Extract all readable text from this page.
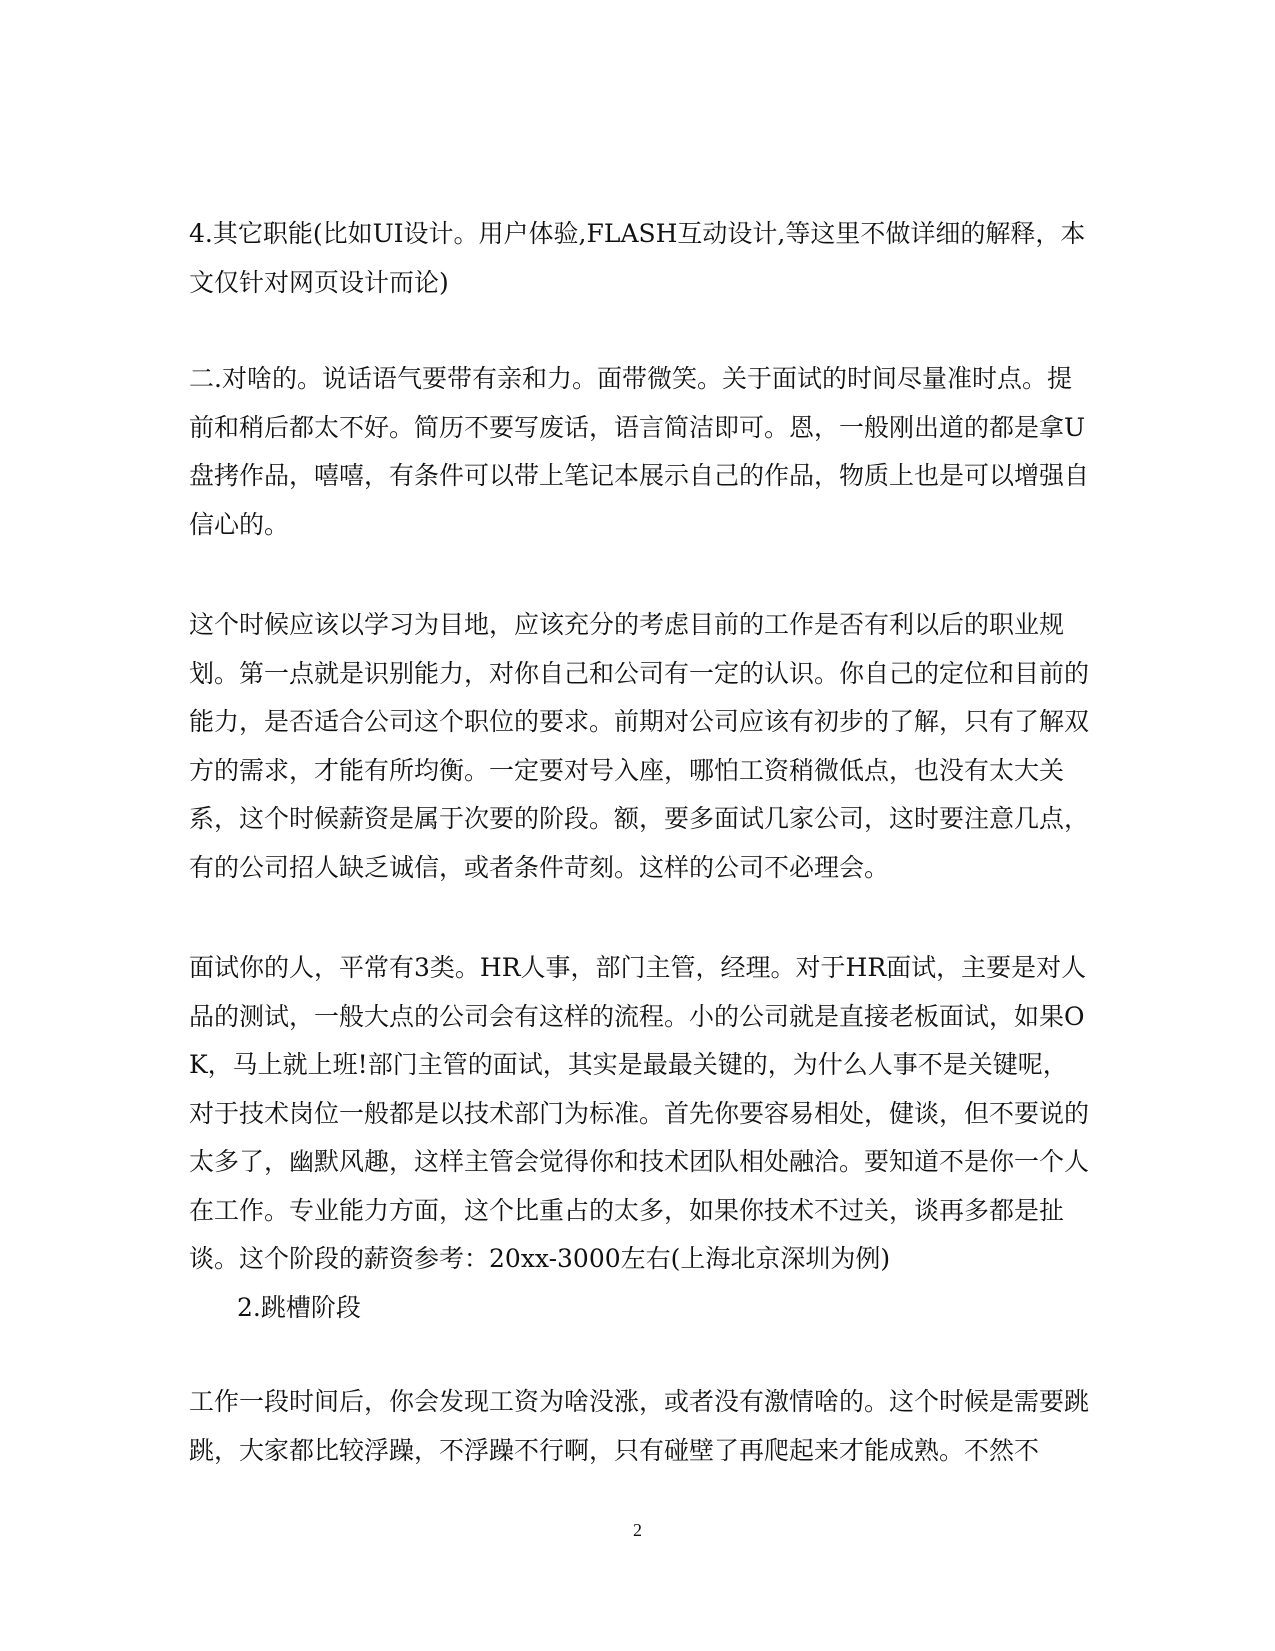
4.其它职能(比如UI设计。用户体验,FLASH互动设计,等这里不做详细的解释，本文仅针对网页设计而论)

二.对啥的。说话语气要带有亲和力。面带微笑。关于面试的时间尽量准时点。提前和稍后都太不好。简历不要写废话，语言简洁即可。恩，一般刚出道的都是拿U盘拷作品，嘻嘻，有条件可以带上笔记本展示自己的作品，物质上也是可以增强自信心的。

这个时候应该以学习为目地，应该充分的考虑目前的工作是否有利以后的职业规划。第一点就是识别能力，对你自己和公司有一定的认识。你自己的定位和目前的能力，是否适合公司这个职位的要求。前期对公司应该有初步的了解，只有了解双方的需求，才能有所均衡。一定要对号入座，哪怕工资稍微低点，也没有太大关系，这个时候薪资是属于次要的阶段。额，要多面试几家公司，这时要注意几点，有的公司招人缺乏诚信，或者条件苛刻。这样的公司不必理会。

面试你的人，平常有3类。HR人事，部门主管，经理。对于HR面试，主要是对人品的测试，一般大点的公司会有这样的流程。小的公司就是直接老板面试，如果OK，马上就上班!部门主管的面试，其实是最最关键的，为什么人事不是关键呢，对于技术岗位一般都是以技术部门为标准。首先你要容易相处，健谈，但不要说的太多了，幽默风趣，这样主管会觉得你和技术团队相处融洽。要知道不是你一个人在工作。专业能力方面，这个比重占的太多，如果你技术不过关，谈再多都是扯谈。这个阶段的薪资参考：20xx-3000左右(上海北京深圳为例)

2.跳槽阶段

工作一段时间后，你会发现工资为啥没涨，或者没有激情啥的。这个时候是需要跳跳，大家都比较浮躁，不浮躁不行啊，只有碰壁了再爬起来才能成熟。不然不

2
